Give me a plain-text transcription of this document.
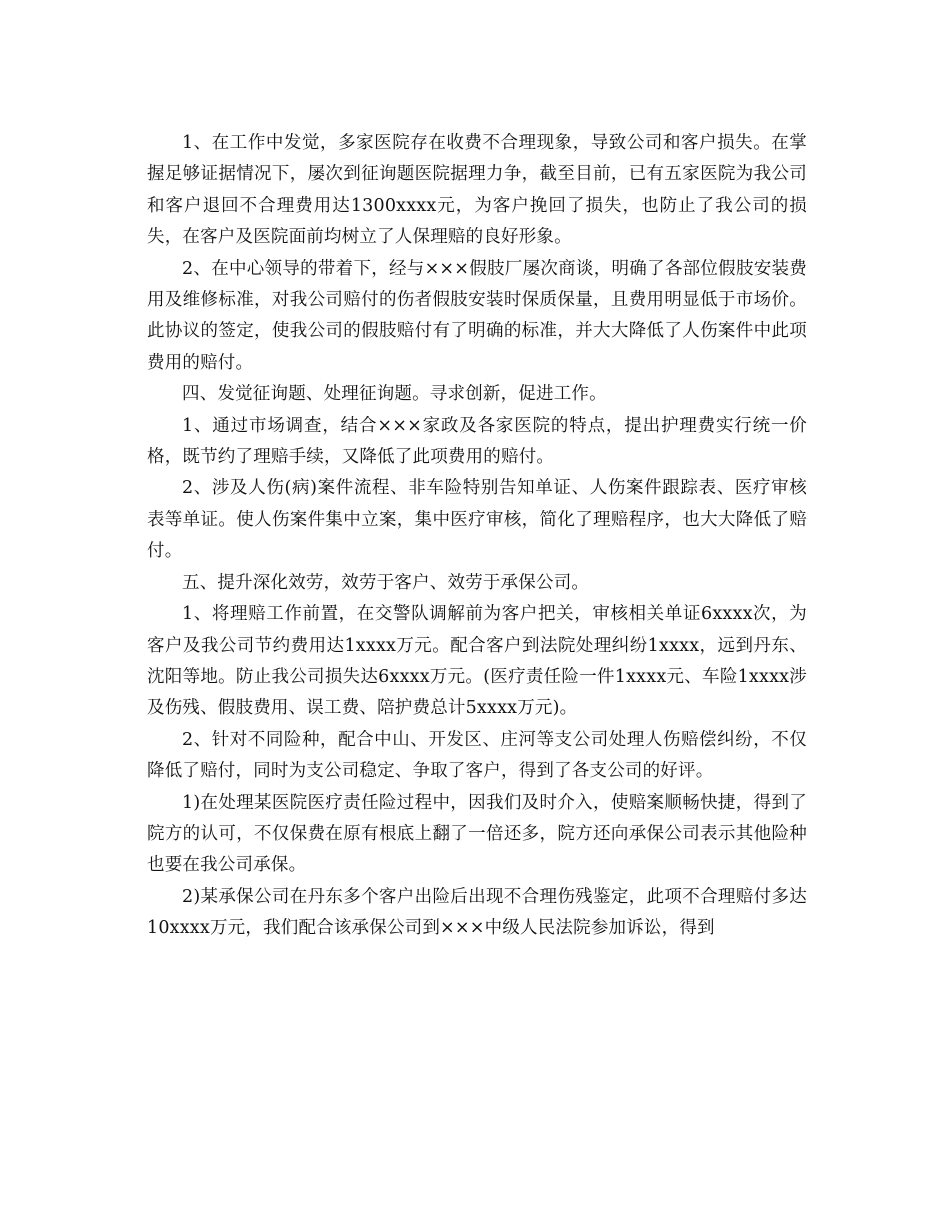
1、在工作中发觉，多家医院存在收费不合理现象，导致公司和客户损失。在掌握足够证据情况下，屡次到征询题医院据理力争，截至目前，已有五家医院为我公司和客户退回不合理费用达1300xxxx元，为客户挽回了损失，也防止了我公司的损失，在客户及医院面前均树立了人保理赔的良好形象。

2、在中心领导的带着下，经与×××假肢厂屡次商谈，明确了各部位假肢安装费用及维修标准，对我公司赔付的伤者假肢安装时保质保量，且费用明显低于市场价。此协议的签定，使我公司的假肢赔付有了明确的标准，并大大降低了人伤案件中此项费用的赔付。

四、发觉征询题、处理征询题。寻求创新，促进工作。

1、通过市场调查，结合×××家政及各家医院的特点，提出护理费实行统一价格，既节约了理赔手续，又降低了此项费用的赔付。

2、涉及人伤(病)案件流程、非车险特别告知单证、人伤案件跟踪表、医疗审核表等单证。使人伤案件集中立案，集中医疗审核，简化了理赔程序，也大大降低了赔付。

五、提升深化效劳，效劳于客户、效劳于承保公司。

1、将理赔工作前置，在交警队调解前为客户把关，审核相关单证6xxxx次，为客户及我公司节约费用达1xxxx万元。配合客户到法院处理纠纷1xxxx，远到丹东、沈阳等地。防止我公司损失达6xxxx万元。(医疗责任险一件1xxxx元、车险1xxxx涉及伤残、假肢费用、误工费、陪护费总计5xxxx万元)。

2、针对不同险种，配合中山、开发区、庄河等支公司处理人伤赔偿纠纷，不仅降低了赔付，同时为支公司稳定、争取了客户，得到了各支公司的好评。

1)在处理某医院医疗责任险过程中，因我们及时介入，使赔案顺畅快捷，得到了院方的认可，不仅保费在原有根底上翻了一倍还多，院方还向承保公司表示其他险种也要在我公司承保。

2)某承保公司在丹东多个客户出险后出现不合理伤残鉴定，此项不合理赔付多达10xxxx万元，我们配合该承保公司到×××中级人民法院参加诉讼，得到
